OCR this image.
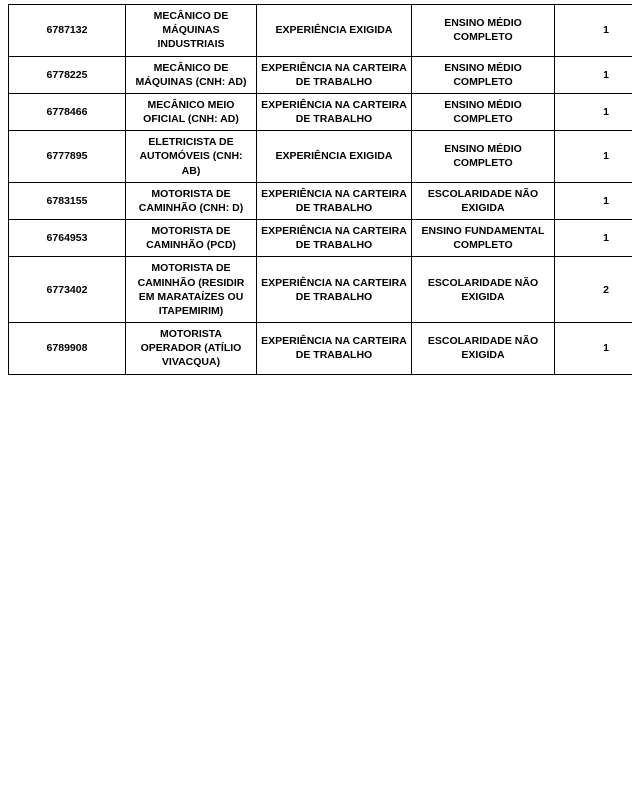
6787132	MECÂNICO DE MÁQUINAS INDUSTRIAIS	EXPERIÊNCIA EXIGIDA	ENSINO MÉDIO COMPLETO	1
6778225	MECÂNICO DE MÁQUINAS (CNH: AD)	EXPERIÊNCIA NA CARTEIRA DE TRABALHO	ENSINO MÉDIO COMPLETO	1
6778466	MECÂNICO MEIO OFICIAL (CNH: AD)	EXPERIÊNCIA NA CARTEIRA DE TRABALHO	ENSINO MÉDIO COMPLETO	1
6777895	ELETRICISTA DE AUTOMÓVEIS (CNH: AB)	EXPERIÊNCIA EXIGIDA	ENSINO MÉDIO COMPLETO	1
6783155	MOTORISTA DE CAMINHÃO (CNH: D)	EXPERIÊNCIA NA CARTEIRA DE TRABALHO	ESCOLARIDADE NÃO EXIGIDA	1
6764953	MOTORISTA DE CAMINHÃO (PCD)	EXPERIÊNCIA NA CARTEIRA DE TRABALHO	ENSINO FUNDAMENTAL COMPLETO	1
6773402	MOTORISTA DE CAMINHÃO (RESIDIR EM MARATAÍZES OU ITAPEMIRIM)	EXPERIÊNCIA NA CARTEIRA DE TRABALHO	ESCOLARIDADE NÃO EXIGIDA	2
6789908	MOTORISTA OPERADOR (ATÍLIO VIVACQUA)	EXPERIÊNCIA NA CARTEIRA DE TRABALHO	ESCOLARIDADE NÃO EXIGIDA	1
